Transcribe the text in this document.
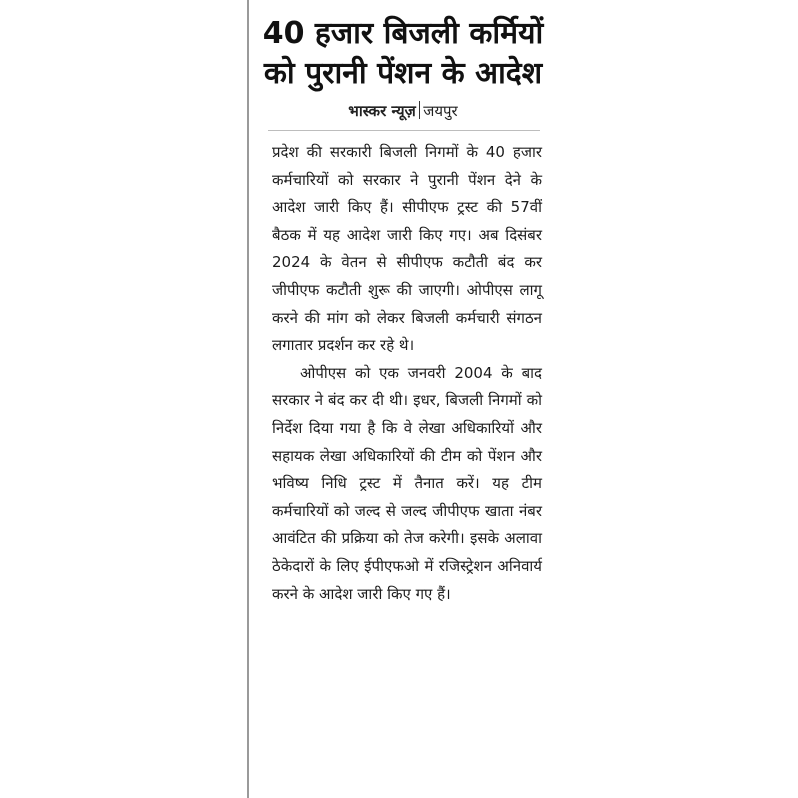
40 हजार बिजली कर्मियों
को पुरानी पेंशन के आदेश
भास्कर न्यूज़ जयपुर

प्रदेश की सरकारी बिजली निगमों के 40 हजार कर्मचारियों को सरकार ने पुरानी पेंशन देने के आदेश जारी किए हैं। सीपीएफ ट्रस्ट की 57वीं बैठक में यह आदेश जारी किए गए। अब दिसंबर 2024 के वेतन से सीपीएफ कटौती बंद कर जीपीएफ कटौती शुरू की जाएगी। ओपीएस लागू करने की मांग को लेकर बिजली कर्मचारी संगठन लगातार प्रदर्शन कर रहे थे।

ओपीएस को एक जनवरी 2004 के बाद सरकार ने बंद कर दी थी। इधर, बिजली निगमों को निर्देश दिया गया है कि वे लेखा अधिकारियों और सहायक लेखा अधिकारियों की टीम को पेंशन और भविष्य निधि ट्रस्ट में तैनात करें। यह टीम कर्मचारियों को जल्द से जल्द जीपीएफ खाता नंबर आवंटित की प्रक्रिया को तेज करेगी। इसके अलावा ठेकेदारों के लिए ईपीएफओ में रजिस्ट्रेशन अनिवार्य करने के आदेश जारी किए गए हैं।
